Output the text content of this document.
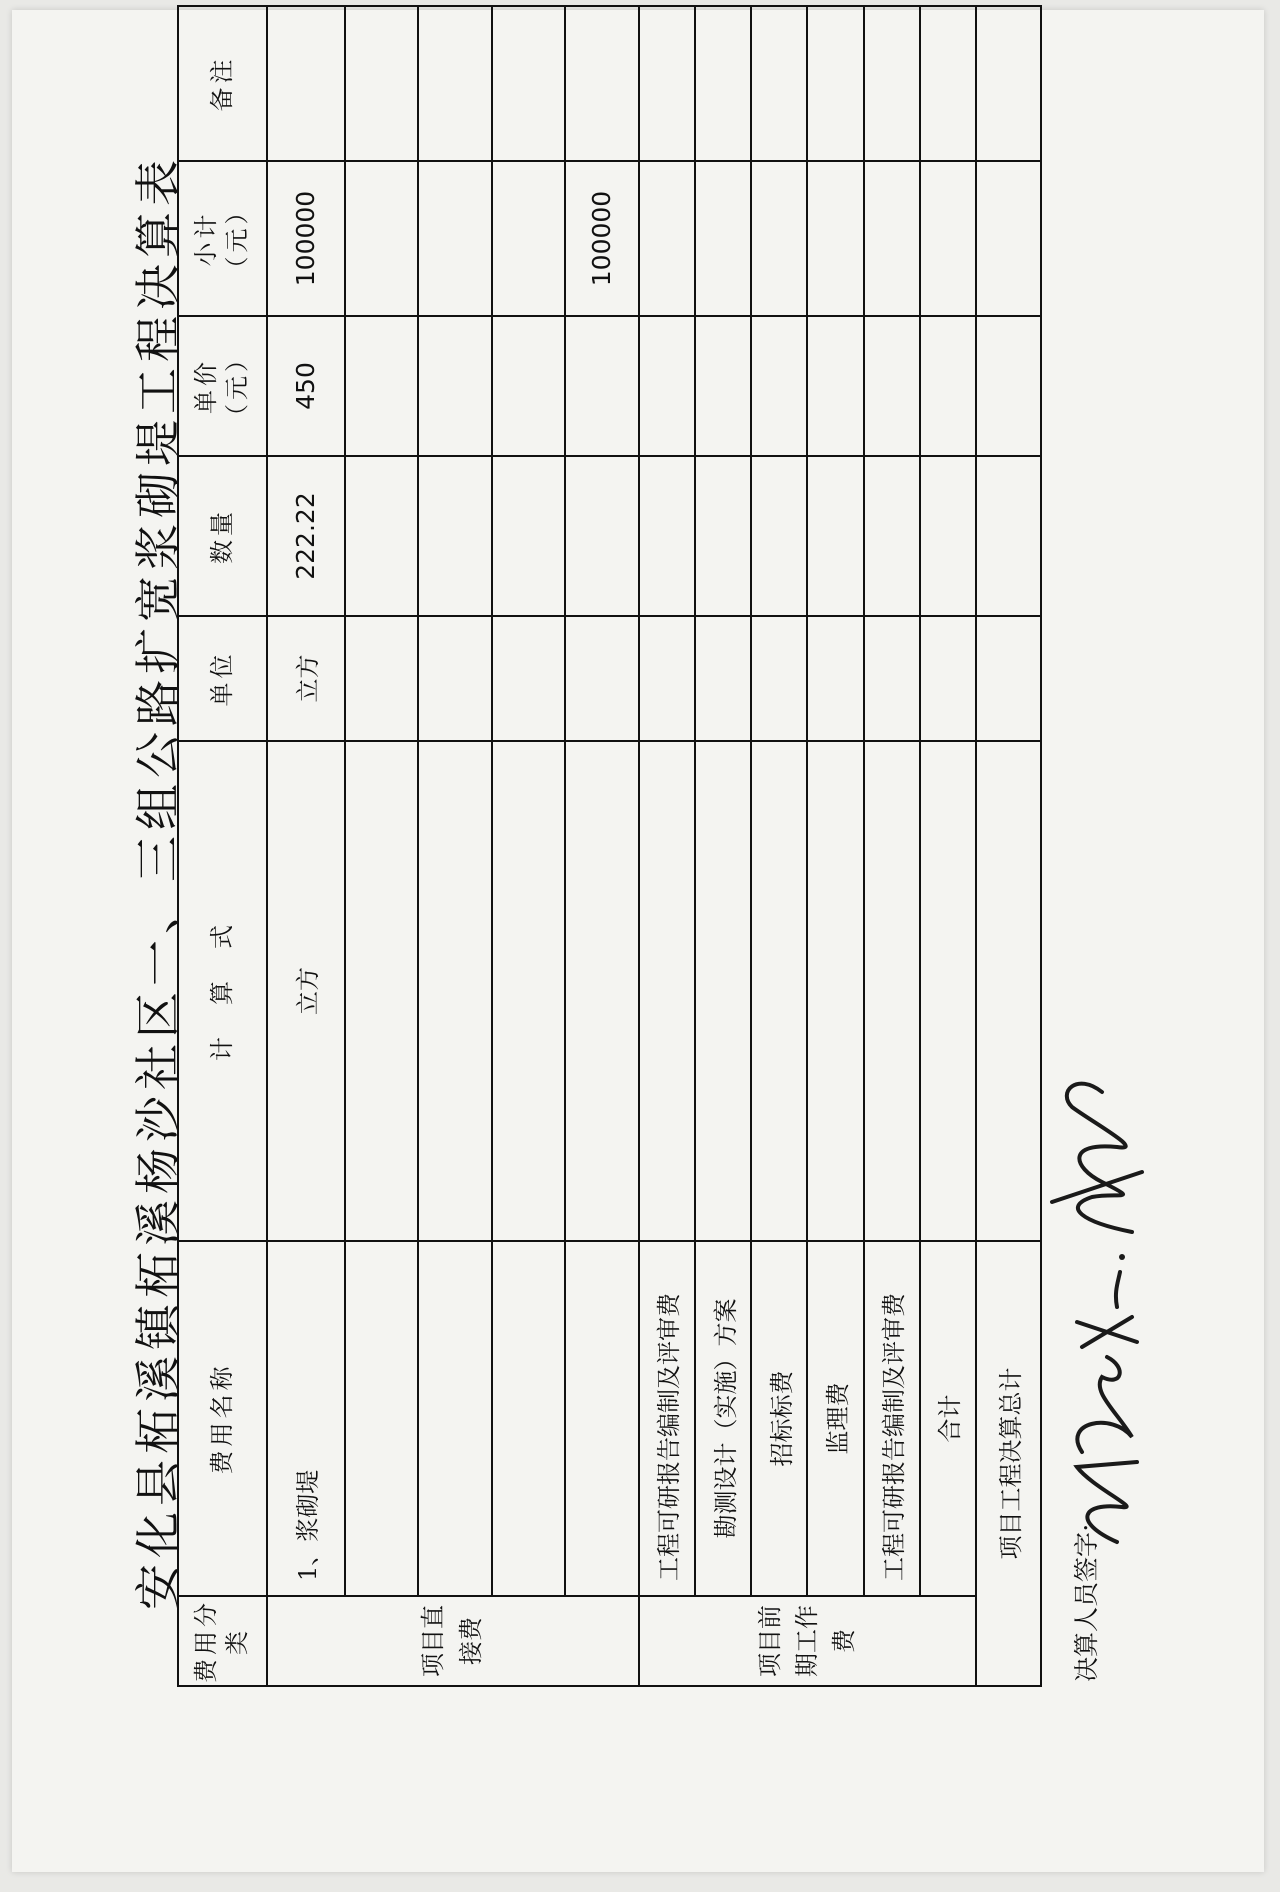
安化县柘溪镇柘溪杨沙社区一、三组公路扩宽浆砌堤工程决算表
费用分类	费用名称	计　算　式	单位	数量	单价（元）	小计（元）	备注
项目直接费	1、浆砌堤	立方	立方	222.22	450	100000	

						100000	
项目前期工作费	工程可研报告编制及评审费						
	勘测设计（实施）方案						
	招标标费						
	监理费						
	工程可研报告编制及评审费						
	合计						
项目工程决算总计							
决算人员签字:
